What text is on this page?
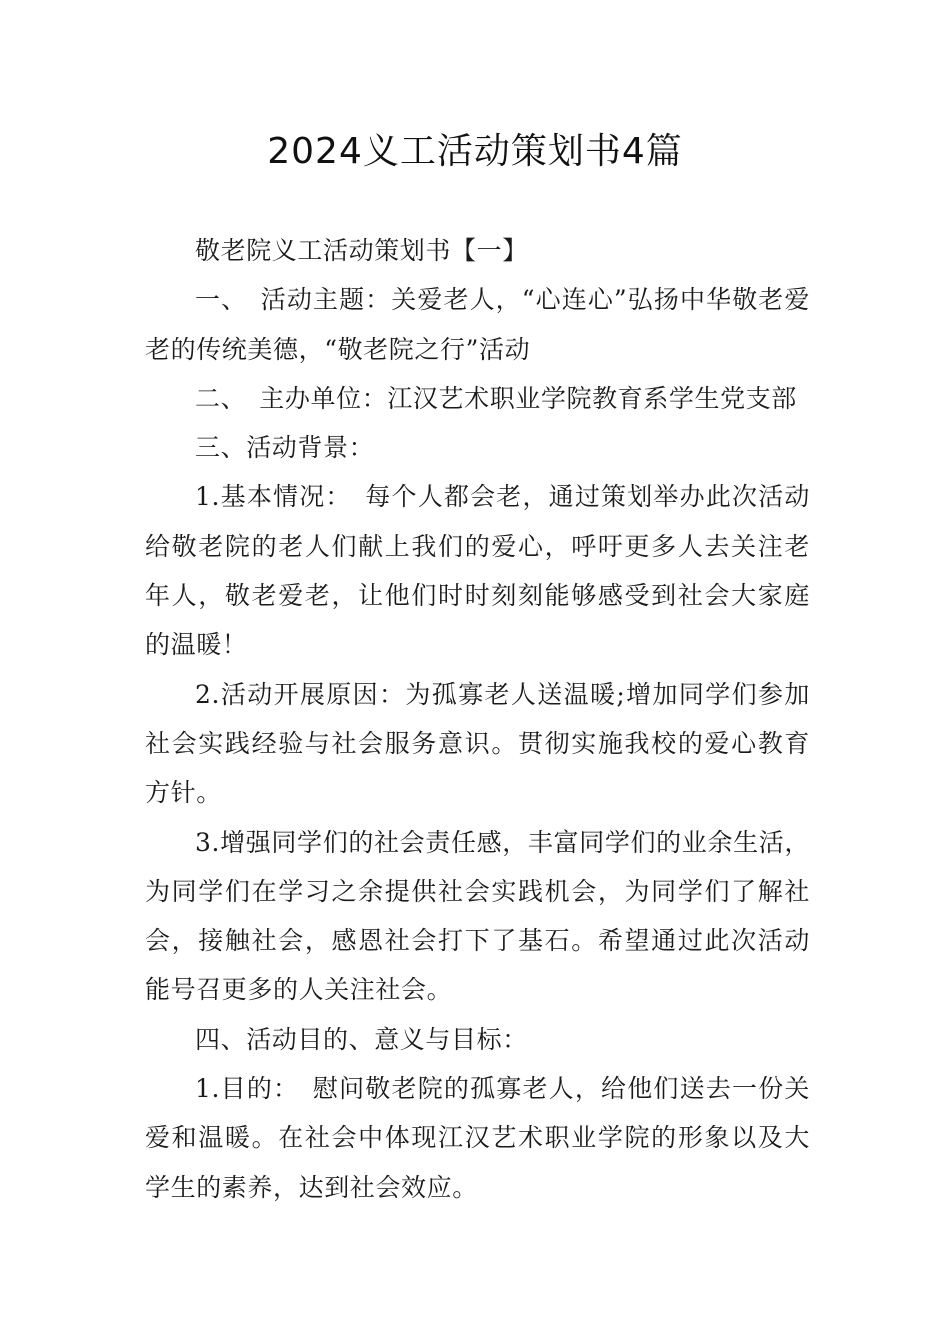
2024义工活动策划书4篇

敬老院义工活动策划书【一】

一、　活动主题：关爱老人，“心连心”弘扬中华敬老爱老的传统美德，“敬老院之行”活动

二、　主办单位：江汉艺术职业学院教育系学生党支部

三、活动背景：

1.基本情况：　每个人都会老，通过策划举办此次活动给敬老院的老人们献上我们的爱心，呼吁更多人去关注老年人，敬老爱老，让他们时时刻刻能够感受到社会大家庭的温暖！

2.活动开展原因：为孤寡老人送温暖;增加同学们参加社会实践经验与社会服务意识。贯彻实施我校的爱心教育方针。

3.增强同学们的社会责任感，丰富同学们的业余生活，为同学们在学习之余提供社会实践机会，为同学们了解社会，接触社会，感恩社会打下了基石。希望通过此次活动能号召更多的人关注社会。

四、活动目的、意义与目标：

1.目的：　慰问敬老院的孤寡老人，给他们送去一份关爱和温暖。在社会中体现江汉艺术职业学院的形象以及大学生的素养，达到社会效应。
